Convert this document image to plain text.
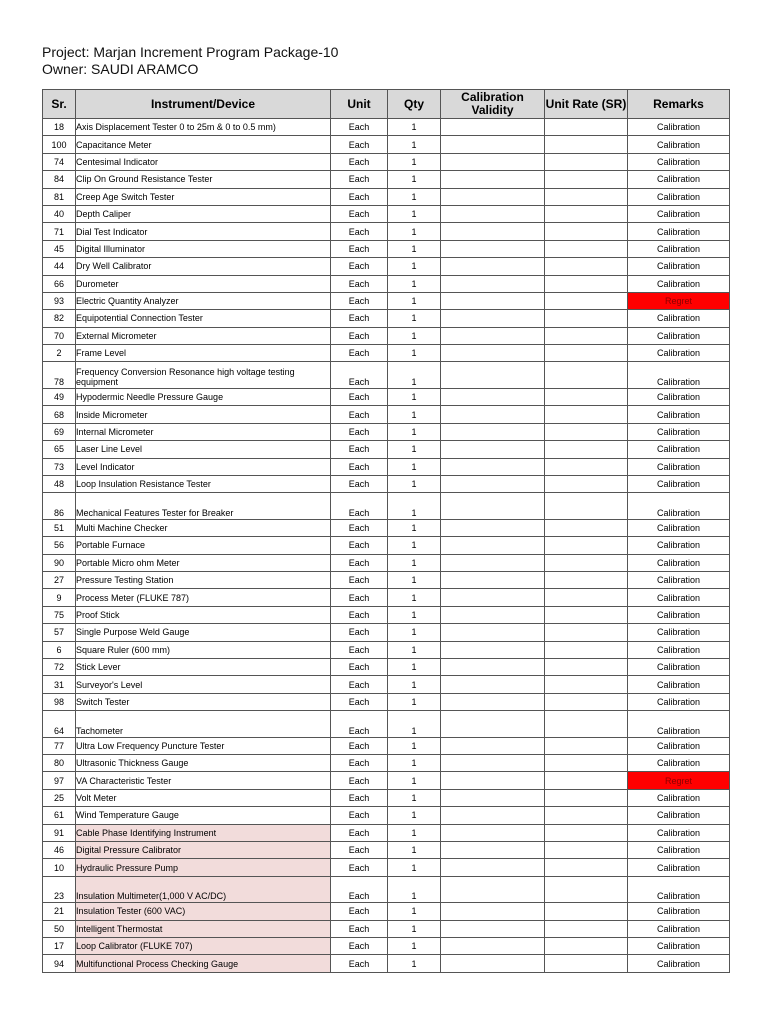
Project: Marjan Increment Program Package-10
Owner: SAUDI ARAMCO
Sr.	Instrument/Device	Unit	Qty	Calibration Validity	Unit Rate (SR)	Remarks
18	Axis Displacement Tester 0 to 25m & 0 to 0.5 mm)	Each	1			Calibration
100	Capacitance Meter	Each	1			Calibration
74	Centesimal Indicator	Each	1			Calibration
84	Clip On Ground Resistance Tester	Each	1			Calibration
81	Creep Age Switch Tester	Each	1			Calibration
40	Depth Caliper	Each	1			Calibration
71	Dial Test Indicator	Each	1			Calibration
45	Digital Illuminator	Each	1			Calibration
44	Dry Well Calibrator	Each	1			Calibration
66	Durometer	Each	1			Calibration
93	Electric Quantity Analyzer	Each	1			Regret
82	Equipotential Connection Tester	Each	1			Calibration
70	External Micrometer	Each	1			Calibration
2	Frame Level	Each	1			Calibration
78	Frequency Conversion Resonance high voltage testing equipment	Each	1			Calibration
49	Hypodermic Needle Pressure Gauge	Each	1			Calibration
68	Inside Micrometer	Each	1			Calibration
69	Internal Micrometer	Each	1			Calibration
65	Laser Line Level	Each	1			Calibration
73	Level Indicator	Each	1			Calibration
48	Loop Insulation Resistance Tester	Each	1			Calibration
86	Mechanical Features Tester for Breaker	Each	1			Calibration
51	Multi Machine Checker	Each	1			Calibration
56	Portable Furnace	Each	1			Calibration
90	Portable Micro ohm Meter	Each	1			Calibration
27	Pressure Testing Station	Each	1			Calibration
9	Process Meter (FLUKE 787)	Each	1			Calibration
75	Proof Stick	Each	1			Calibration
57	Single Purpose Weld Gauge	Each	1			Calibration
6	Square Ruler (600 mm)	Each	1			Calibration
72	Stick Lever	Each	1			Calibration
31	Surveyor's Level	Each	1			Calibration
98	Switch Tester	Each	1			Calibration
64	Tachometer	Each	1			Calibration
77	Ultra Low Frequency Puncture Tester	Each	1			Calibration
80	Ultrasonic Thickness Gauge	Each	1			Calibration
97	VA Characteristic Tester	Each	1			Regret
25	Volt Meter	Each	1			Calibration
61	Wind Temperature Gauge	Each	1			Calibration
91	Cable Phase Identifying Instrument	Each	1			Calibration
46	Digital Pressure Calibrator	Each	1			Calibration
10	Hydraulic Pressure Pump	Each	1			Calibration
23	Insulation Multimeter(1,000 V AC/DC)	Each	1			Calibration
21	Insulation Tester (600 VAC)	Each	1			Calibration
50	Intelligent Thermostat	Each	1			Calibration
17	Loop Calibrator (FLUKE 707)	Each	1			Calibration
94	Multifunctional Process Checking Gauge	Each	1			Calibration
